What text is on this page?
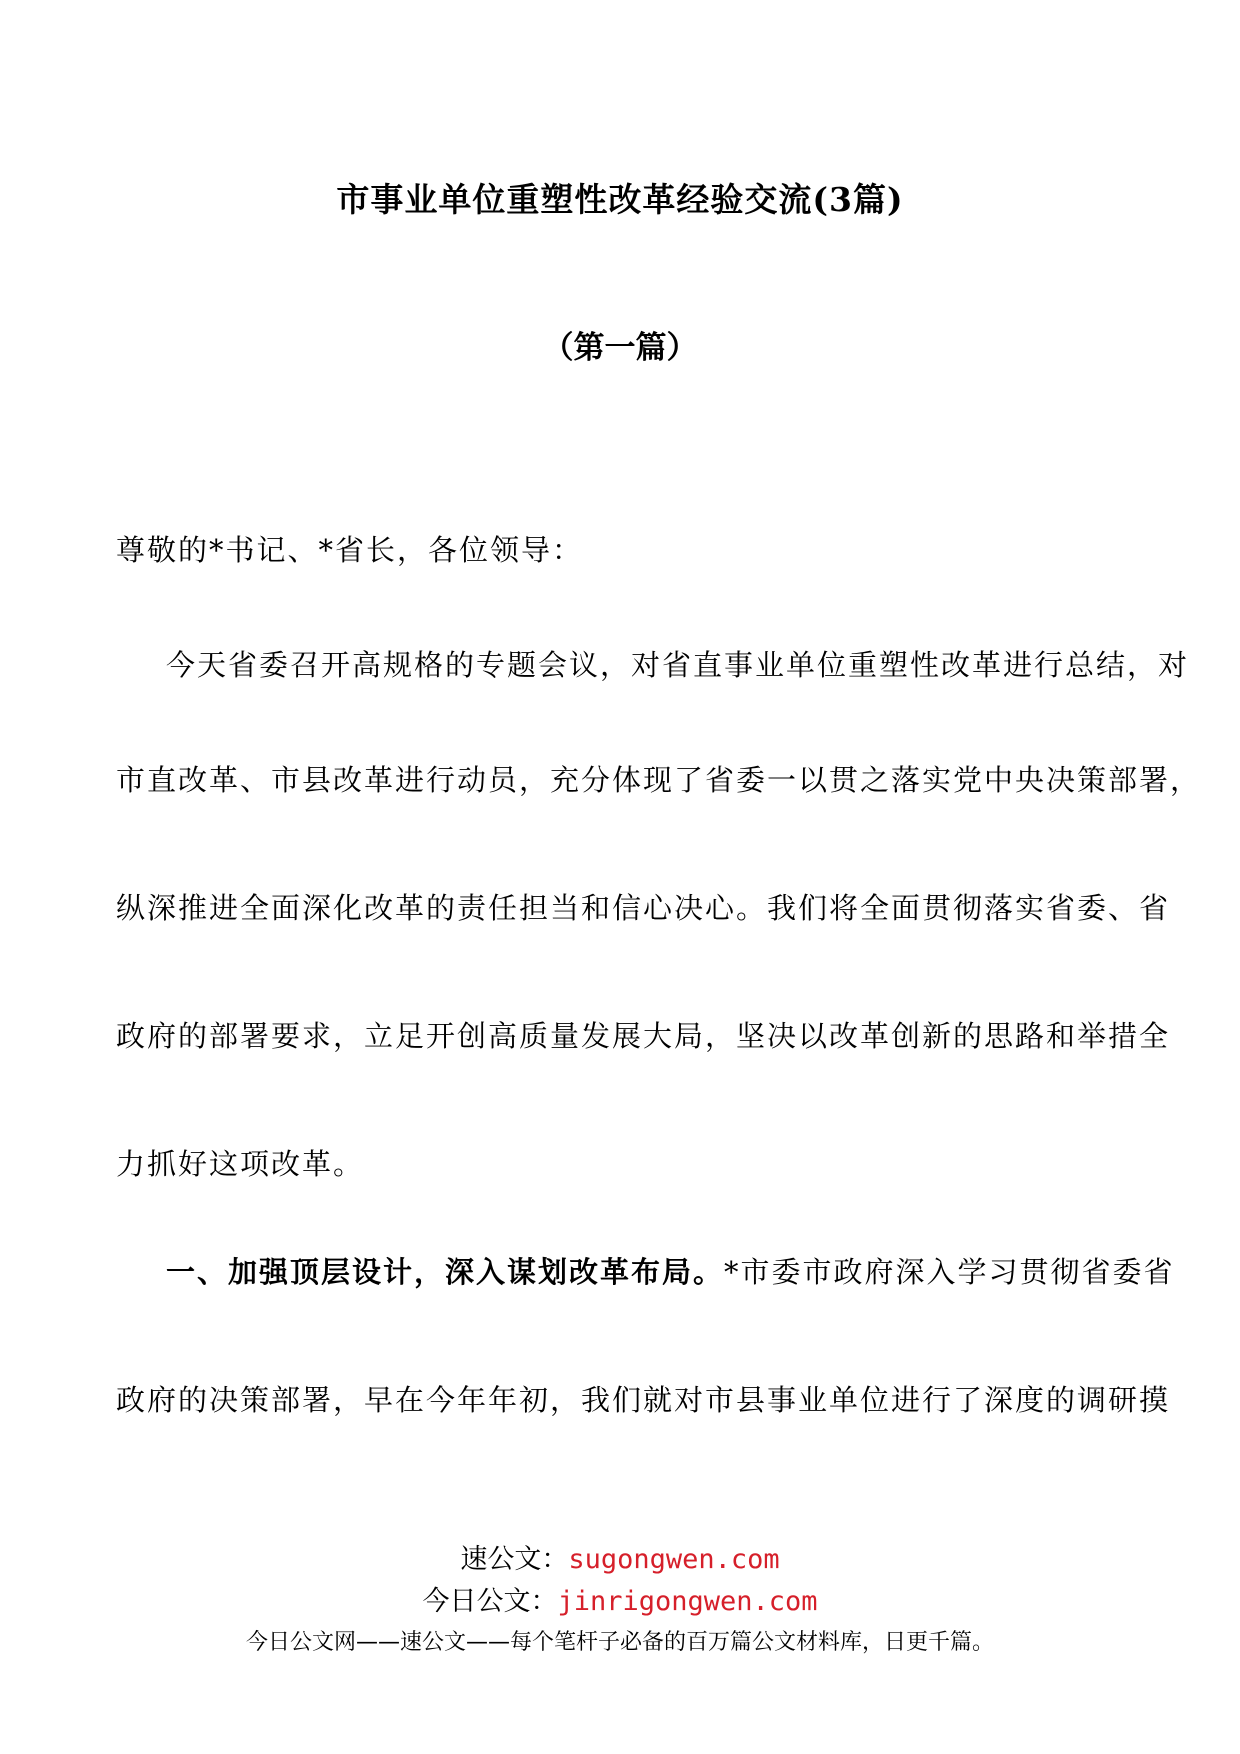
市事业单位重塑性改革经验交流(3篇)
（第一篇）
尊敬的*书记、*省长，各位领导：
今天省委召开高规格的专题会议，对省直事业单位重塑性改革进行总结，对
市直改革、市县改革进行动员，充分体现了省委一以贯之落实党中央决策部署，
纵深推进全面深化改革的责任担当和信心决心。我们将全面贯彻落实省委、省
政府的部署要求，立足开创高质量发展大局，坚决以改革创新的思路和举措全
力抓好这项改革。
一、加强顶层设计，深入谋划改革布局。*市委市政府深入学习贯彻省委省
政府的决策部署，早在今年年初，我们就对市县事业单位进行了深度的调研摸
速公文：sugongwen.com
今日公文：jinrigongwen.com
今日公文网——速公文——每个笔杆子必备的百万篇公文材料库，日更千篇。
